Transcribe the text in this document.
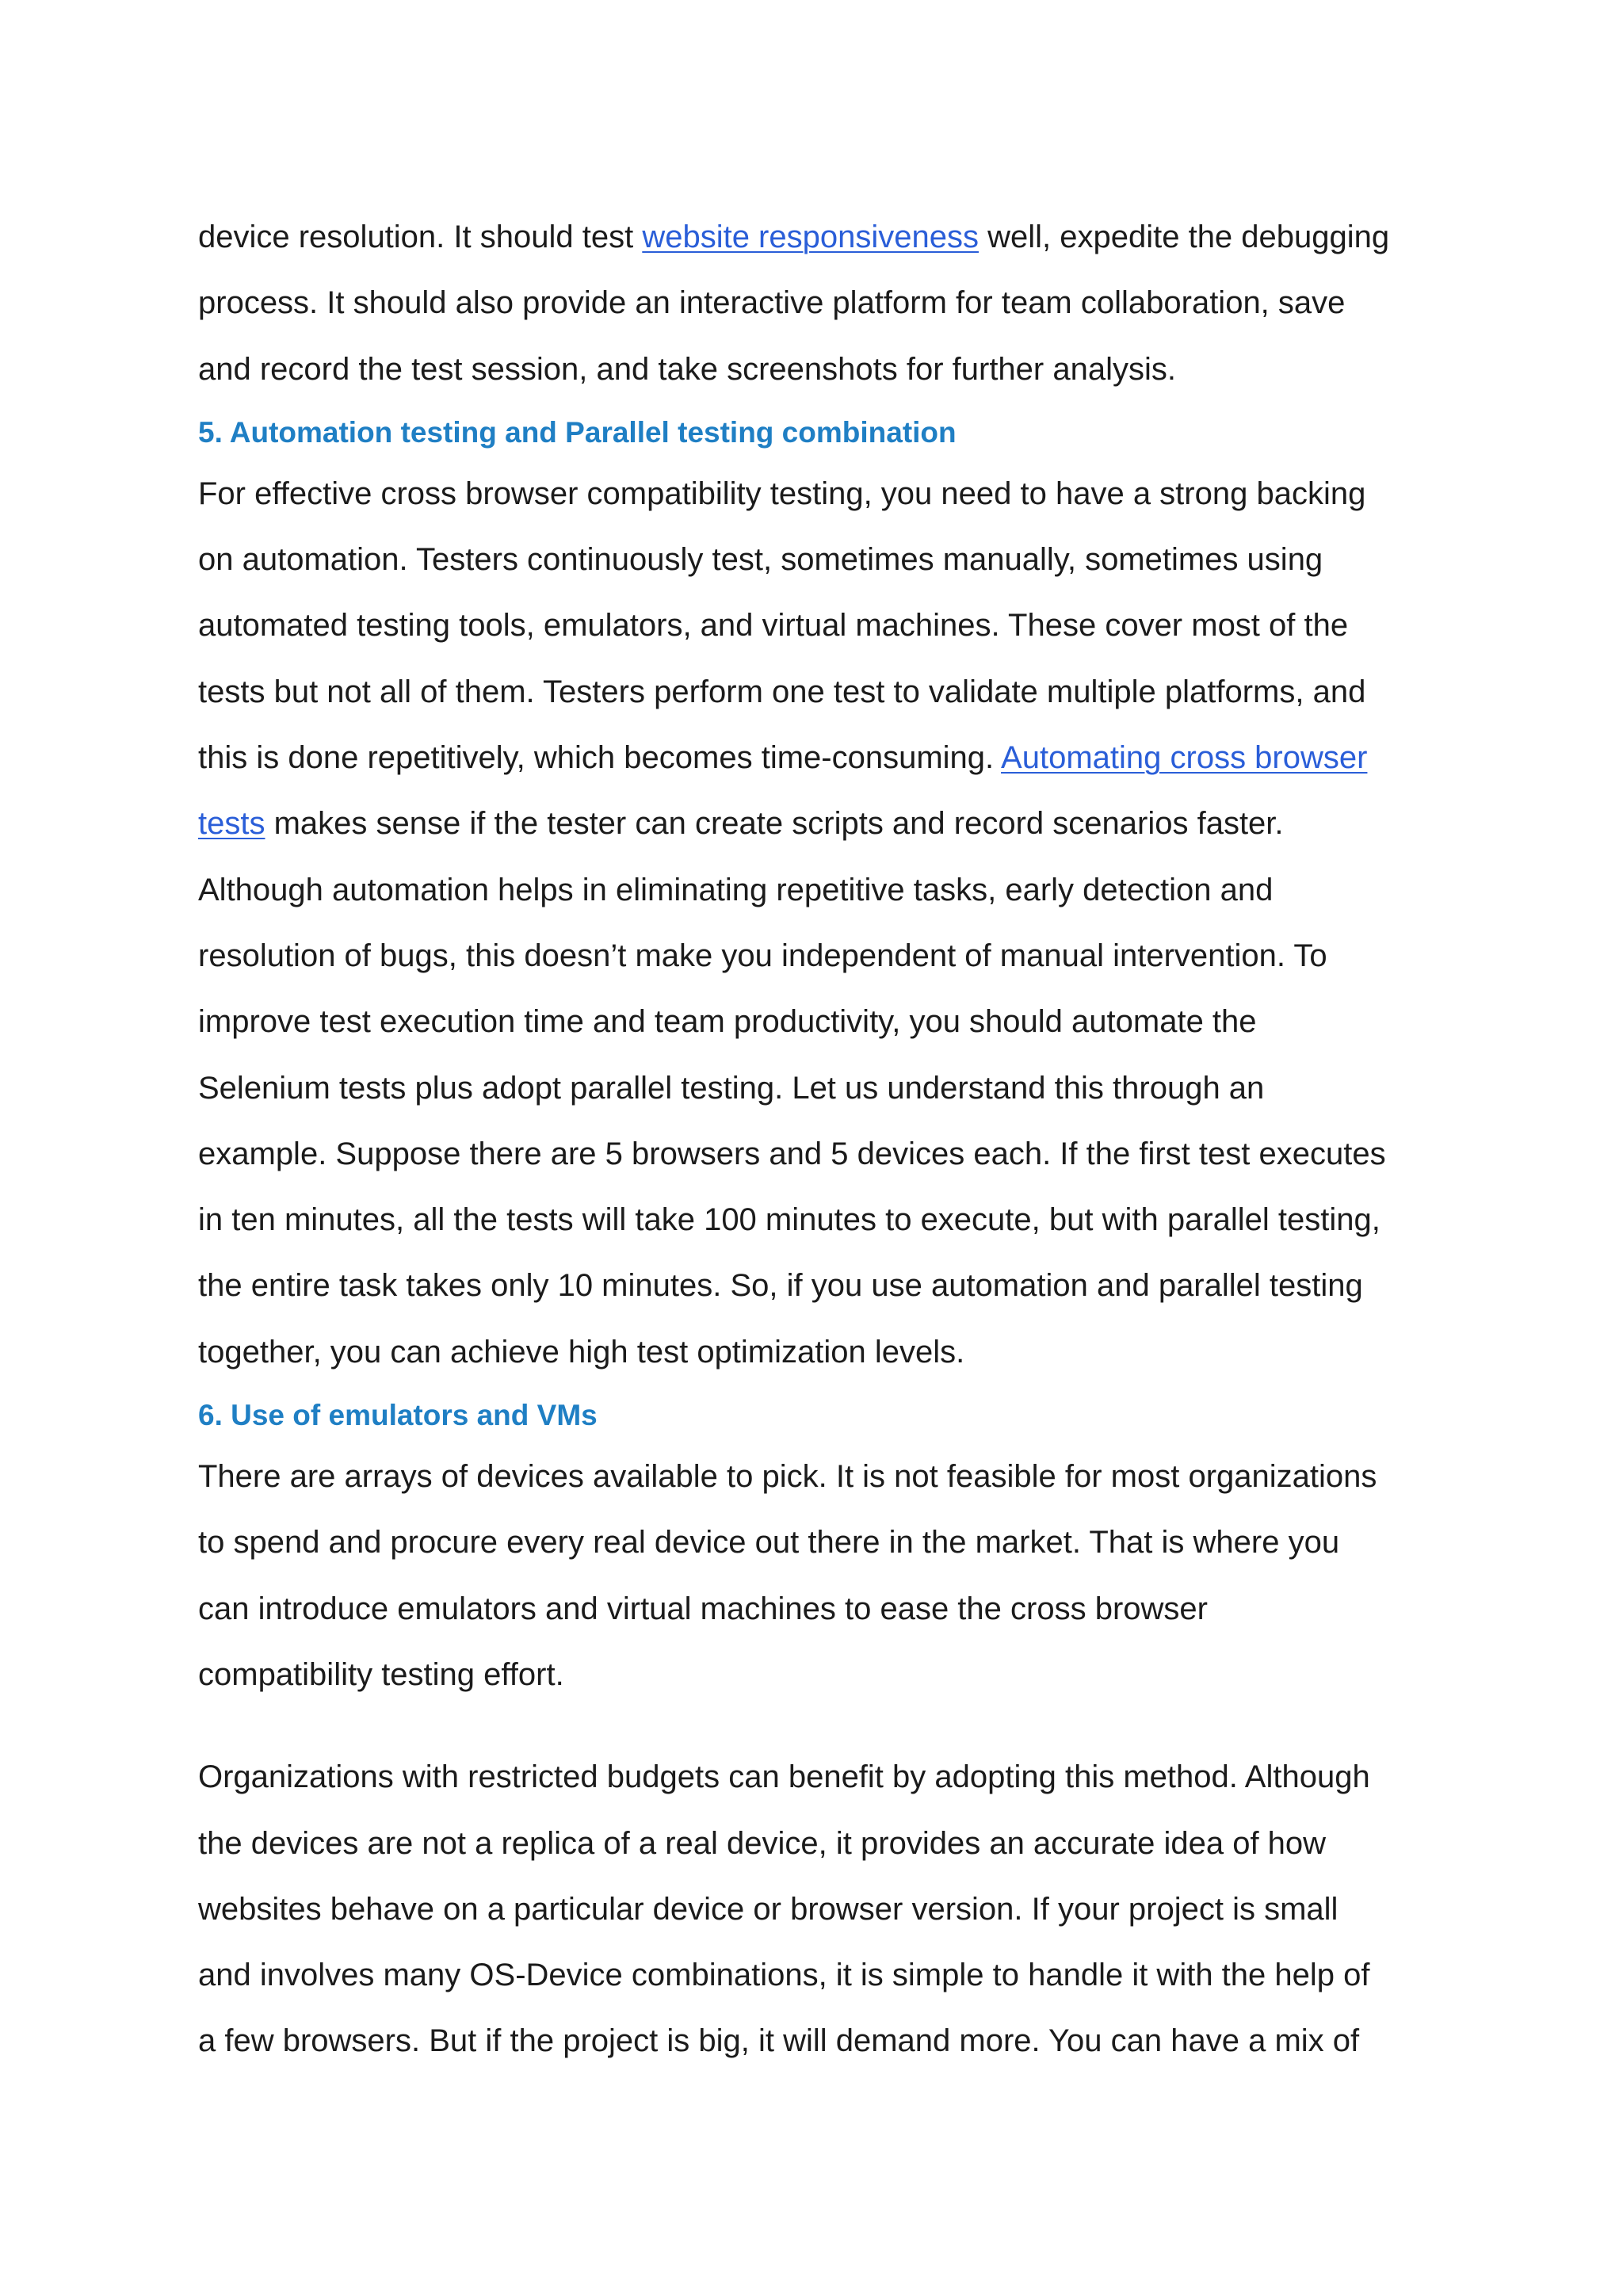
device resolution. It should test website responsiveness well, expedite the debugging
process. It should also provide an interactive platform for team collaboration, save
and record the test session, and take screenshots for further analysis.

5. Automation testing and Parallel testing combination

For effective cross browser compatibility testing, you need to have a strong backing
on automation. Testers continuously test, sometimes manually, sometimes using
automated testing tools, emulators, and virtual machines. These cover most of the
tests but not all of them. Testers perform one test to validate multiple platforms, and
this is done repetitively, which becomes time-consuming. Automating cross browser
tests makes sense if the tester can create scripts and record scenarios faster.
Although automation helps in eliminating repetitive tasks, early detection and
resolution of bugs, this doesn’t make you independent of manual intervention. To
improve test execution time and team productivity, you should automate the
Selenium tests plus adopt parallel testing. Let us understand this through an
example. Suppose there are 5 browsers and 5 devices each. If the first test executes
in ten minutes, all the tests will take 100 minutes to execute, but with parallel testing,
the entire task takes only 10 minutes. So, if you use automation and parallel testing
together, you can achieve high test optimization levels.

6. Use of emulators and VMs

There are arrays of devices available to pick. It is not feasible for most organizations
to spend and procure every real device out there in the market. That is where you
can introduce emulators and virtual machines to ease the cross browser
compatibility testing effort.

Organizations with restricted budgets can benefit by adopting this method. Although
the devices are not a replica of a real device, it provides an accurate idea of how
websites behave on a particular device or browser version. If your project is small
and involves many OS-Device combinations, it is simple to handle it with the help of
a few browsers. But if the project is big, it will demand more. You can have a mix of
